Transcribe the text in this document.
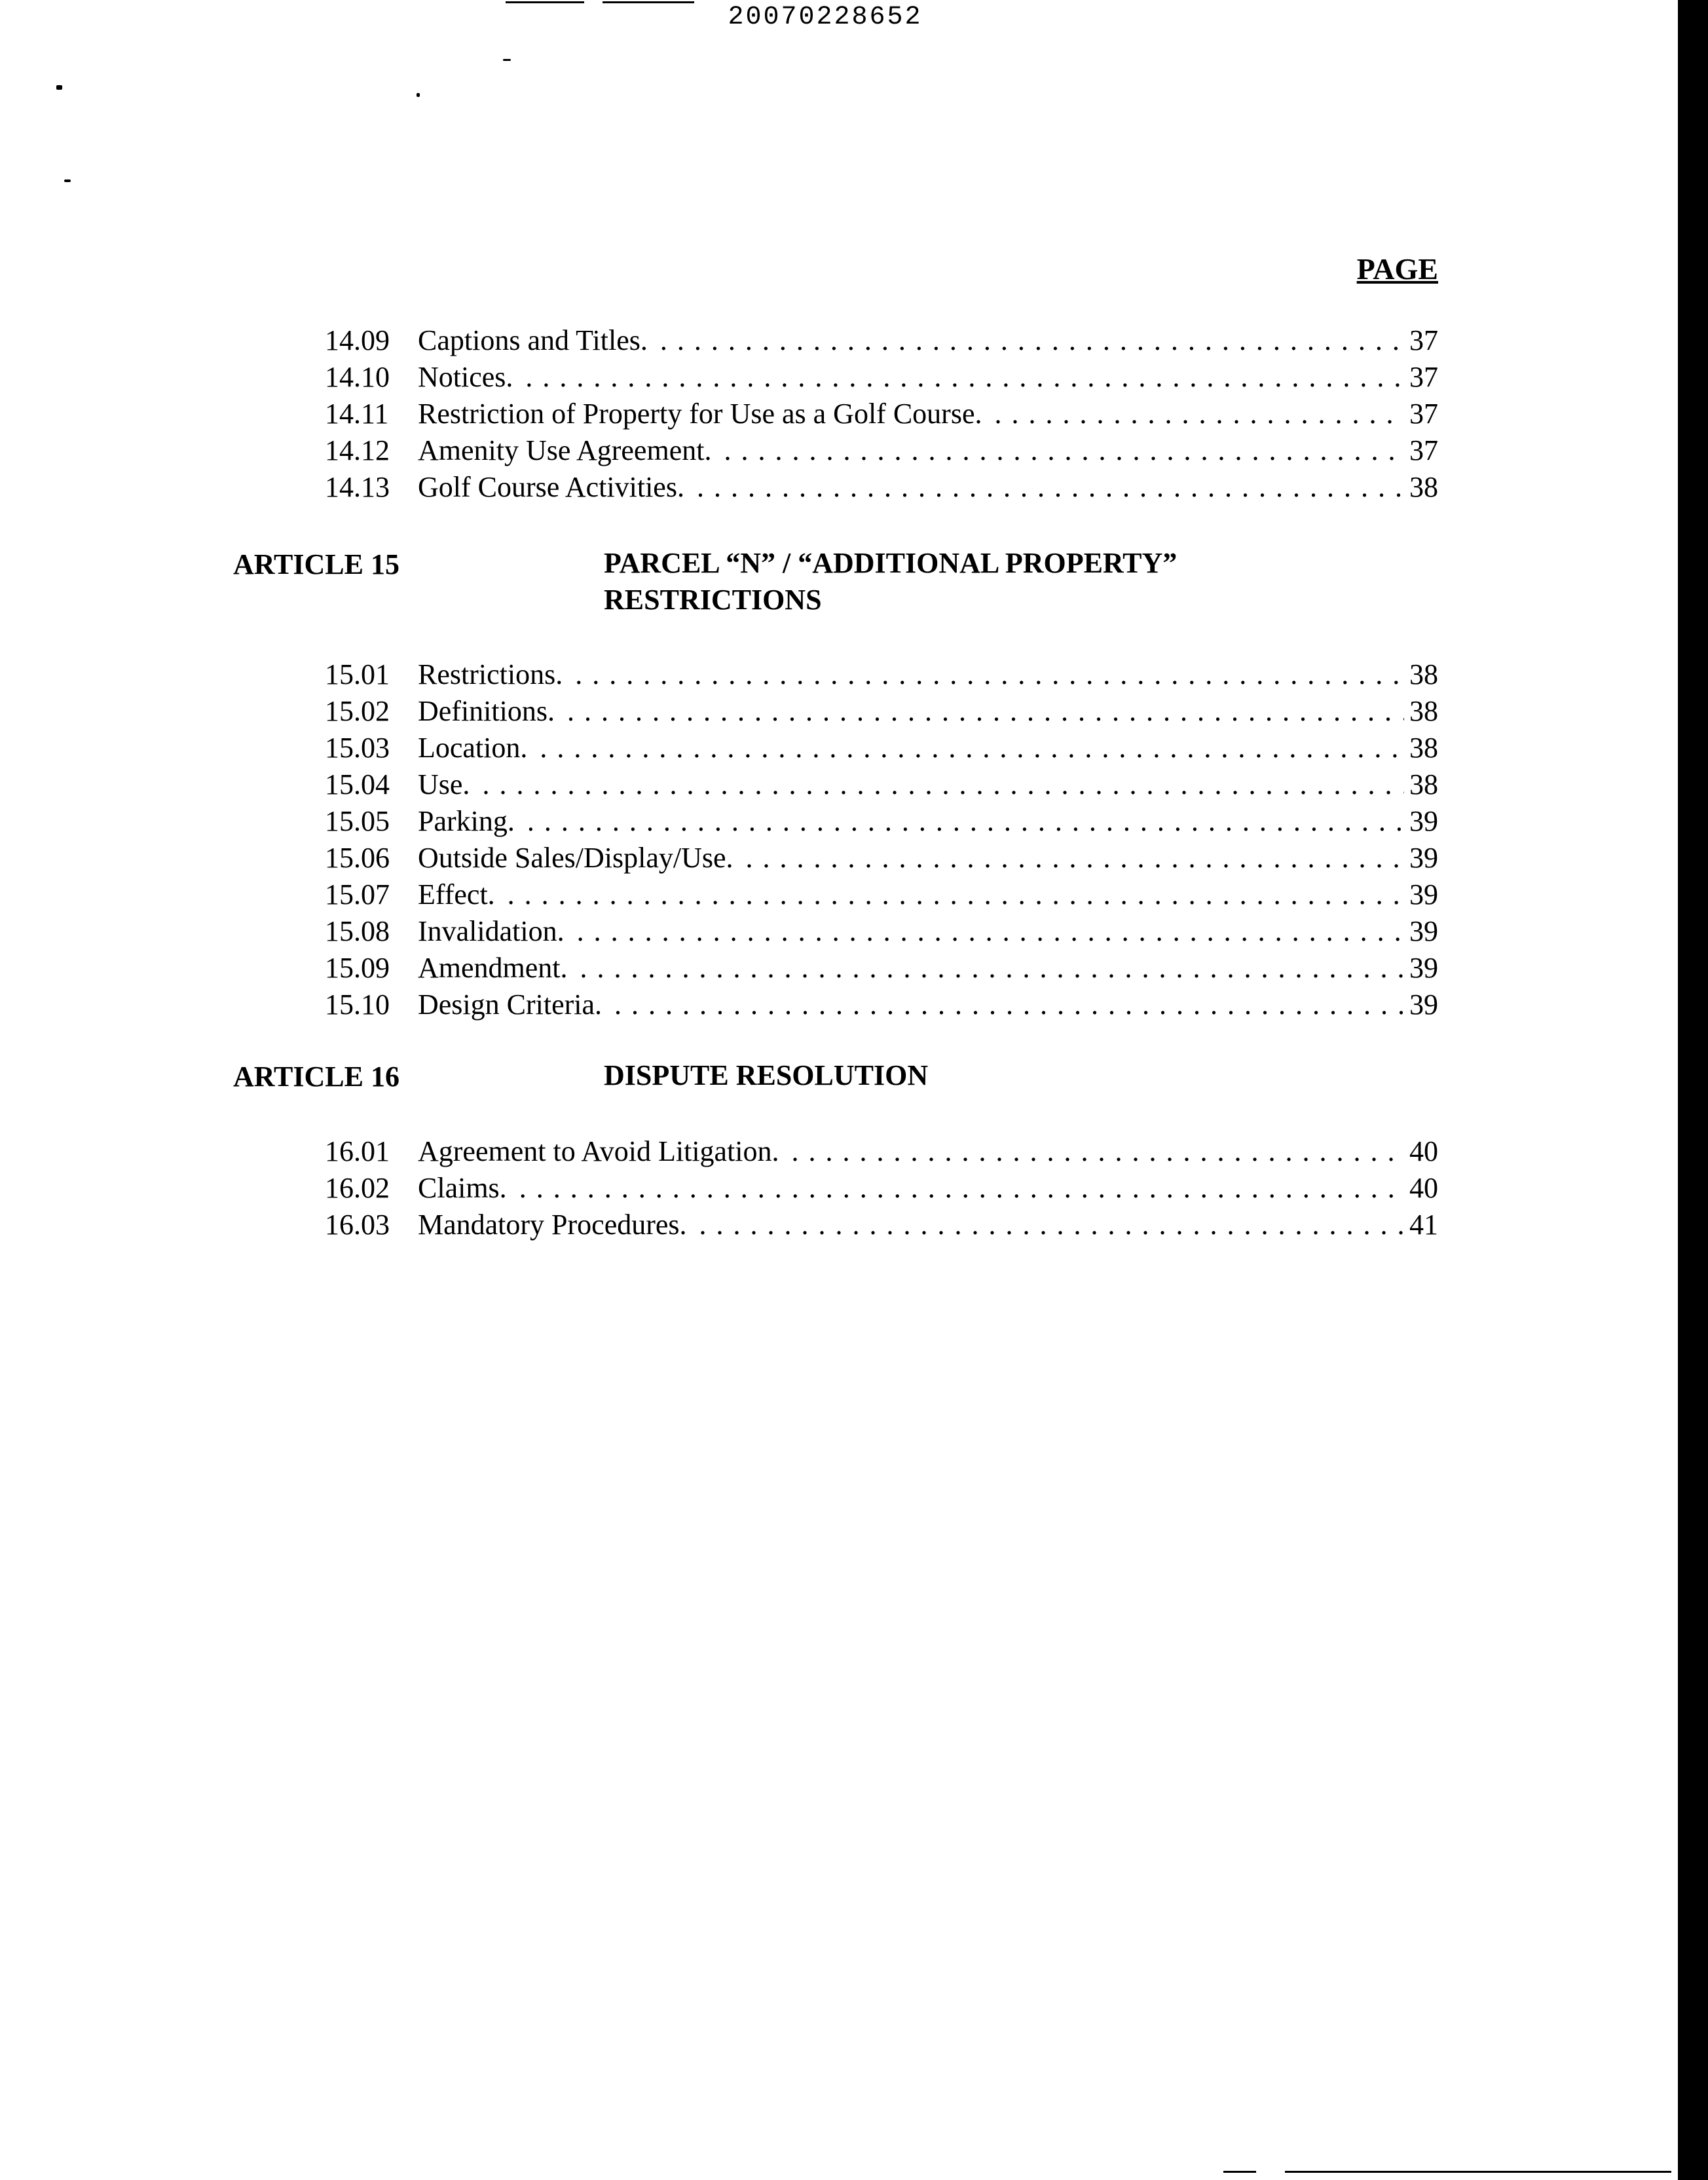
20070228652
PAGE
14.09 Captions and Titles. . . .	37
14.10 Notices. . . .	37
14.11	Restriction of Property for Use as a Golf Course. . . .	37
14.12 Amenity Use Agreement. . . .	37
14.13 Golf Course Activities. . . .	38
ARTICLE 15	PARCEL “N” / “ADDITIONAL PROPERTY”
RESTRICTIONS
15.01 Restrictions. . . .	38
15.02 Definitions. . . .	38
15.03 Location. . . .	38
15.04 Use. . . .	38
15.05 Parking. . . .	39
15.06 Outside Sales/Display/Use. . . .	39
15.07 Effect. . . .	39
15.08 Invalidation. . . .	39
15.09 Amendment. . . .	39
15.10 Design Criteria. . . .	39
ARTICLE 16	DISPUTE RESOLUTION
16.01 Agreement to Avoid Litigation. . . .	40
16.02 Claims. . . .	40
16.03 Mandatory Procedures. . . .	41
